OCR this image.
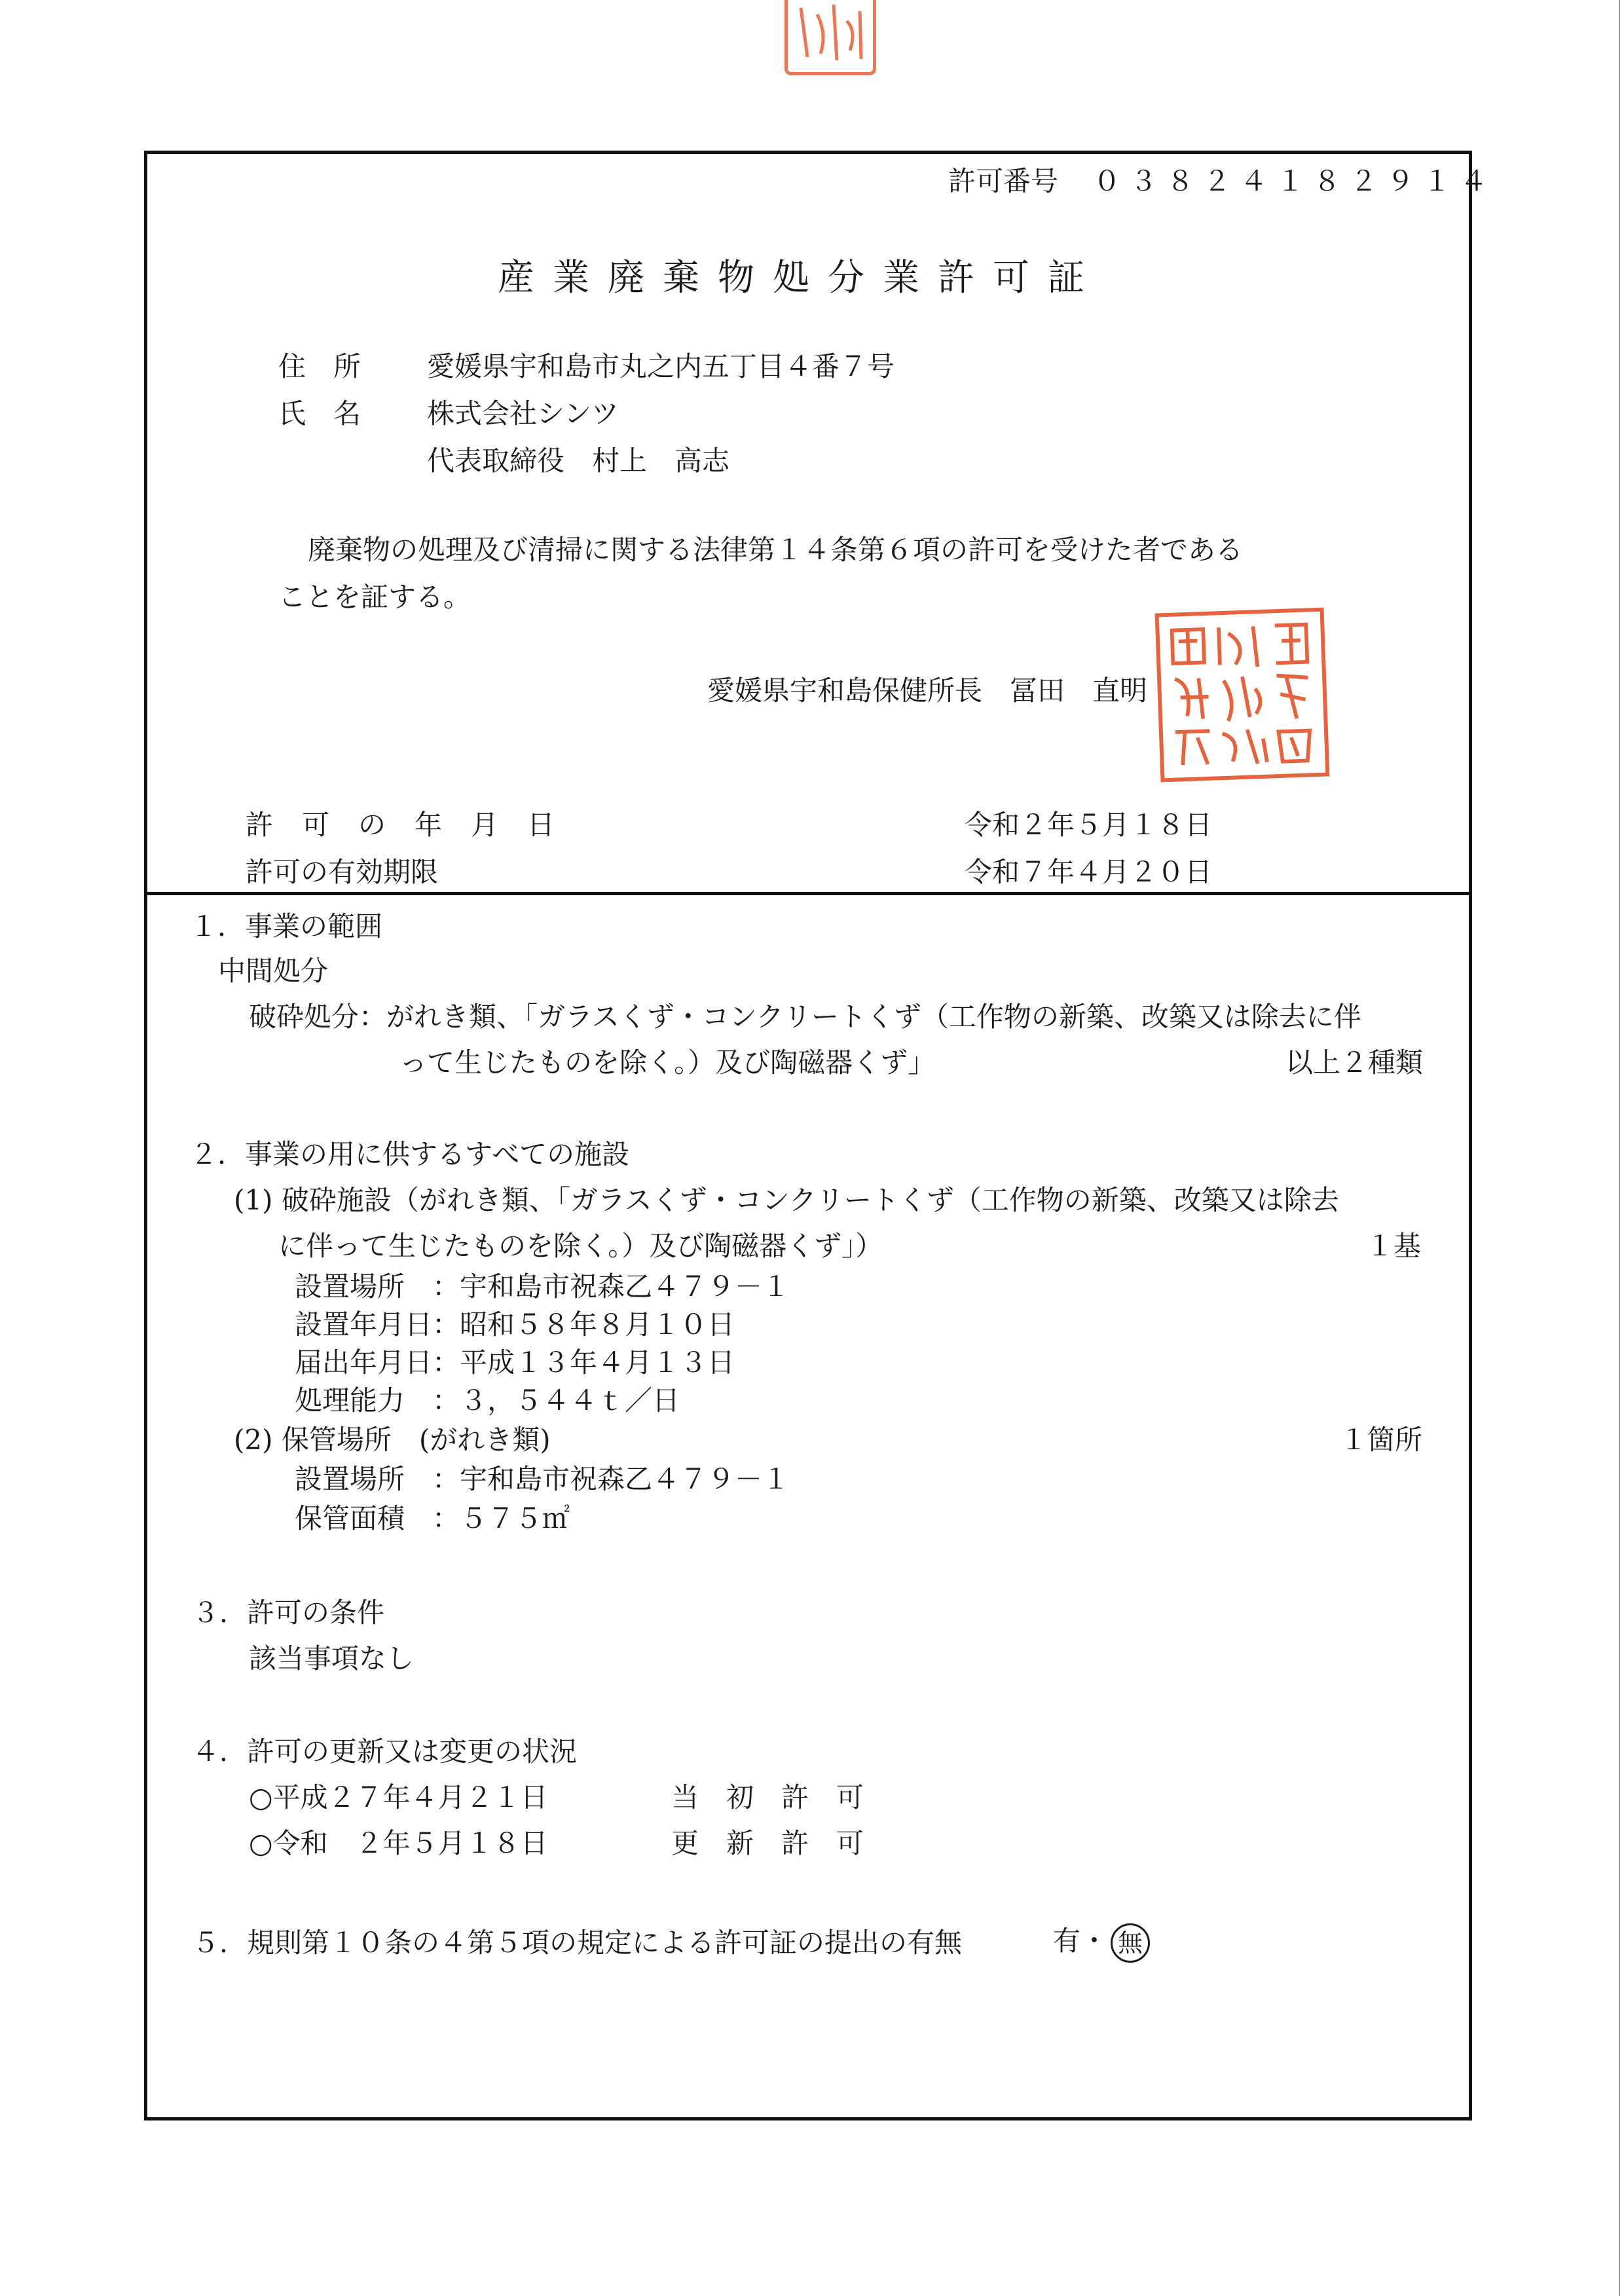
許可番号 ０３８２４１８２９１４
産業廃棄物処分業許可証
住　所 愛媛県宇和島市丸之内五丁目４番７号
氏　名 株式会社シンツ
代表取締役　村上　高志
廃棄物の処理及び清掃に関する法律第１４条第６項の許可を受けた者である
ことを証する。
愛媛県宇和島保健所長　冨田　直明
許可の年月日	令和２年５月１８日
許可の有効期限	令和７年４月２０日
１．事業の範囲
中間処分
破砕処分：がれき類、「ガラスくず・コンクリートくず（工作物の新築、改築又は除去に伴
って生じたものを除く。）及び陶磁器くず」	以上２種類
２．事業の用に供するすべての施設
(1) 破砕施設（がれき類、「ガラスくず・コンクリートくず（工作物の新築、改築又は除去
に伴って生じたものを除く。）及び陶磁器くず」）	１基
設置場所　：宇和島市祝森乙４７９－１
設置年月日：昭和５８年８月１０日
届出年月日：平成１３年４月１３日
処理能力　：３，５４４ｔ／日
(2) 保管場所　(がれき類)	１箇所
設置場所　：宇和島市祝森乙４７９－１
保管面積　：５７５㎡
３．許可の条件
該当事項なし
４．許可の更新又は変更の状況
○平成２７年４月２１日	当初許可
○令和　２年５月１８日	更新許可
５．規則第１０条の４第５項の規定による許可証の提出の有無	有・ 無
